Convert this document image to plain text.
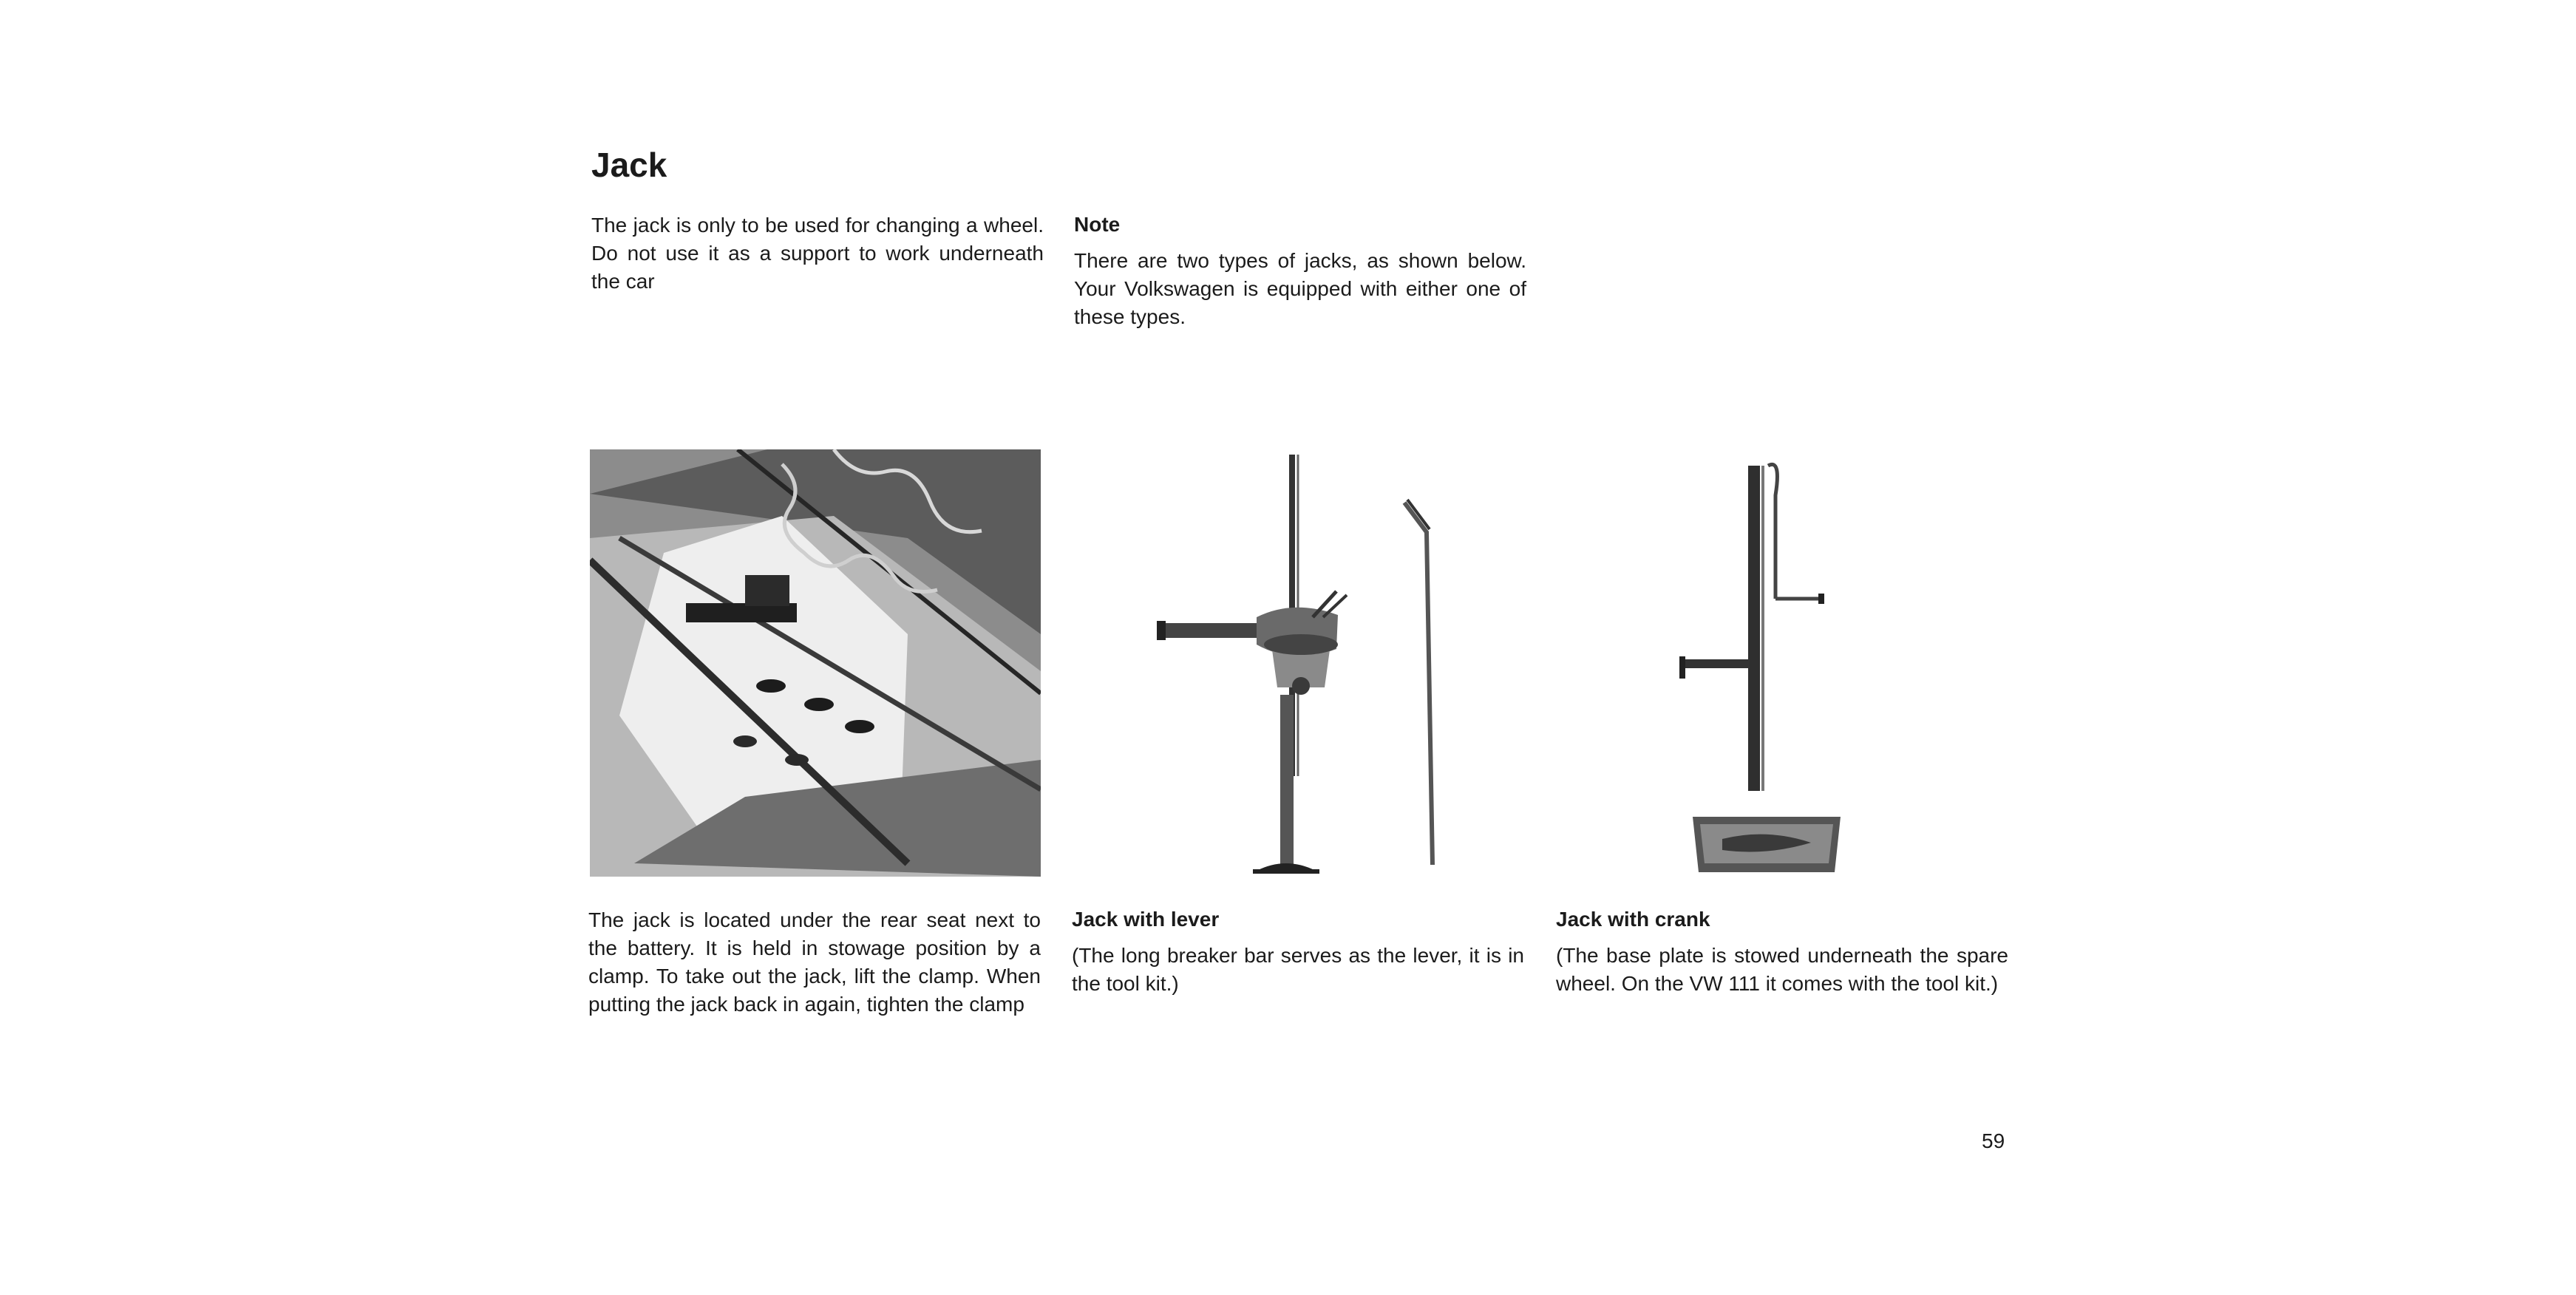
Jack

The jack is only to be used for changing a wheel. Do not use it as a support to work underneath the car

Note

There are two types of jacks, as shown below. Your Volkswagen is equipped with either one of these types.

The jack is located under the rear seat next to the battery. It is held in stowage position by a clamp. To take out the jack, lift the clamp. When putting the jack back in again, tighten the clamp

Jack with lever

(The long breaker bar serves as the lever, it is in the tool kit.)

Jack with crank

(The base plate is stowed underneath the spare wheel. On the VW 111 it comes with the tool kit.)

59
